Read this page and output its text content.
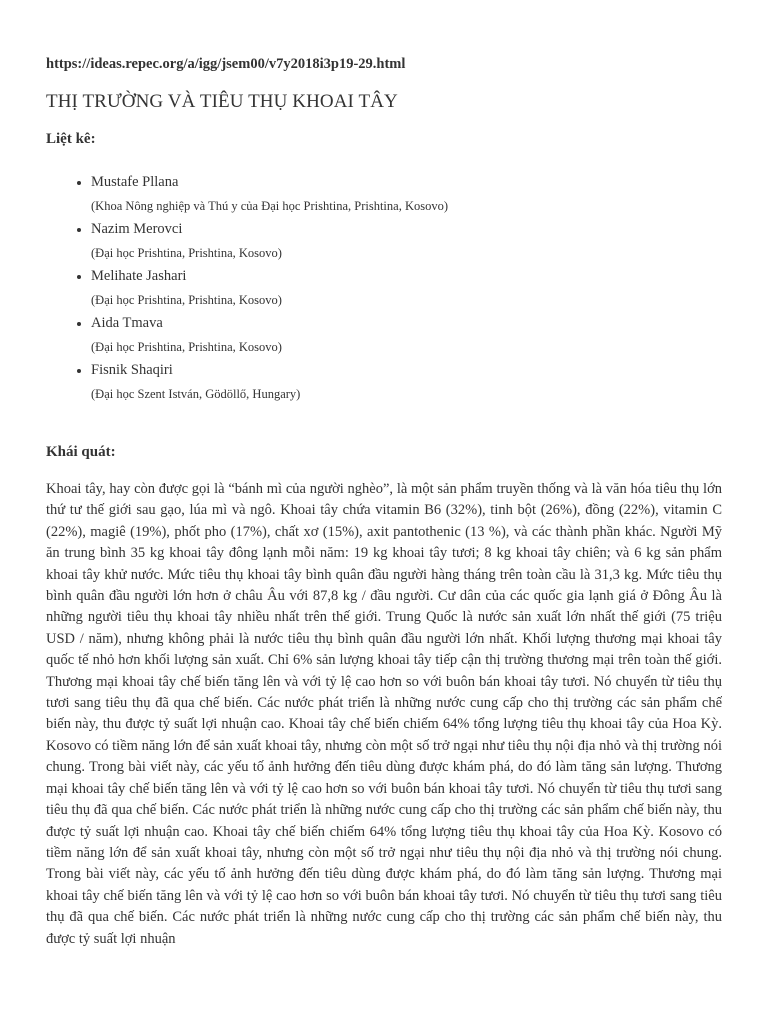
https://ideas.repec.org/a/igg/jsem00/v7y2018i3p19-29.html
THỊ TRƯỜNG VÀ TIÊU THỤ KHOAI TÂY
Liệt kê:
• Mustafe Pllana
(Khoa Nông nghiệp và Thú y của Đại học Prishtina, Prishtina, Kosovo)
• Nazim Merovci
(Đại học Prishtina, Prishtina, Kosovo)
• Melihate Jashari
(Đại học Prishtina, Prishtina, Kosovo)
• Aida Tmava
(Đại học Prishtina, Prishtina, Kosovo)
• Fisnik Shaqiri
(Đại học Szent István, Gödöllő, Hungary)
Khái quát:

Khoai tây, hay còn được gọi là “bánh mì của người nghèo”, là một sản phẩm truyền thống và là văn hóa tiêu thụ lớn thứ tư thế giới sau gạo, lúa mì và ngô. Khoai tây chứa vitamin B6 (32%), tinh bột (26%), đồng (22%), vitamin C (22%), magiê (19%), phốt pho (17%), chất xơ (15%), axit pantothenic (13 %), và các thành phần khác. Người Mỹ ăn trung bình 35 kg khoai tây đông lạnh mỗi năm: 19 kg khoai tây tươi; 8 kg khoai tây chiên; và 6 kg sản phẩm khoai tây khử nước. Mức tiêu thụ khoai tây bình quân đầu người hàng tháng trên toàn cầu là 31,3 kg. Mức tiêu thụ bình quân đầu người lớn hơn ở châu Âu với 87,8 kg / đầu người. Cư dân của các quốc gia lạnh giá ở Đông Âu là những người tiêu thụ khoai tây nhiều nhất trên thế giới. Trung Quốc là nước sản xuất lớn nhất thế giới (75 triệu USD / năm), nhưng không phải là nước tiêu thụ bình quân đầu người lớn nhất. Khối lượng thương mại khoai tây quốc tế nhỏ hơn khối lượng sản xuất. Chỉ 6% sản lượng khoai tây tiếp cận thị trường thương mại trên toàn thế giới. Thương mại khoai tây chế biến tăng lên và với tỷ lệ cao hơn so với buôn bán khoai tây tươi. Nó chuyển từ tiêu thụ tươi sang tiêu thụ đã qua chế biến. Các nước phát triển là những nước cung cấp cho thị trường các sản phẩm chế biến này, thu được tỷ suất lợi nhuận cao. Khoai tây chế biến chiếm 64% tổng lượng tiêu thụ khoai tây của Hoa Kỳ. Kosovo có tiềm năng lớn để sản xuất khoai tây, nhưng còn một số trở ngại như tiêu thụ nội địa nhỏ và thị trường nói chung. Trong bài viết này, các yếu tố ảnh hưởng đến tiêu dùng được khám phá, do đó làm tăng sản lượng. Thương mại khoai tây chế biến tăng lên và với tỷ lệ cao hơn so với buôn bán khoai tây tươi. Nó chuyển từ tiêu thụ tươi sang tiêu thụ đã qua chế biến. Các nước phát triển là những nước cung cấp cho thị trường các sản phẩm chế biến này, thu được tỷ suất lợi nhuận cao. Khoai tây chế biến chiếm 64% tổng lượng tiêu thụ khoai tây của Hoa Kỳ. Kosovo có tiềm năng lớn để sản xuất khoai tây, nhưng còn một số trở ngại như tiêu thụ nội địa nhỏ và thị trường nói chung. Trong bài viết này, các yếu tố ảnh hưởng đến tiêu dùng được khám phá, do đó làm tăng sản lượng. Thương mại khoai tây chế biến tăng lên và với tỷ lệ cao hơn so với buôn bán khoai tây tươi. Nó chuyển từ tiêu thụ tươi sang tiêu thụ đã qua chế biến. Các nước phát triển là những nước cung cấp cho thị trường các sản phẩm chế biến này, thu được tỷ suất lợi nhuận
